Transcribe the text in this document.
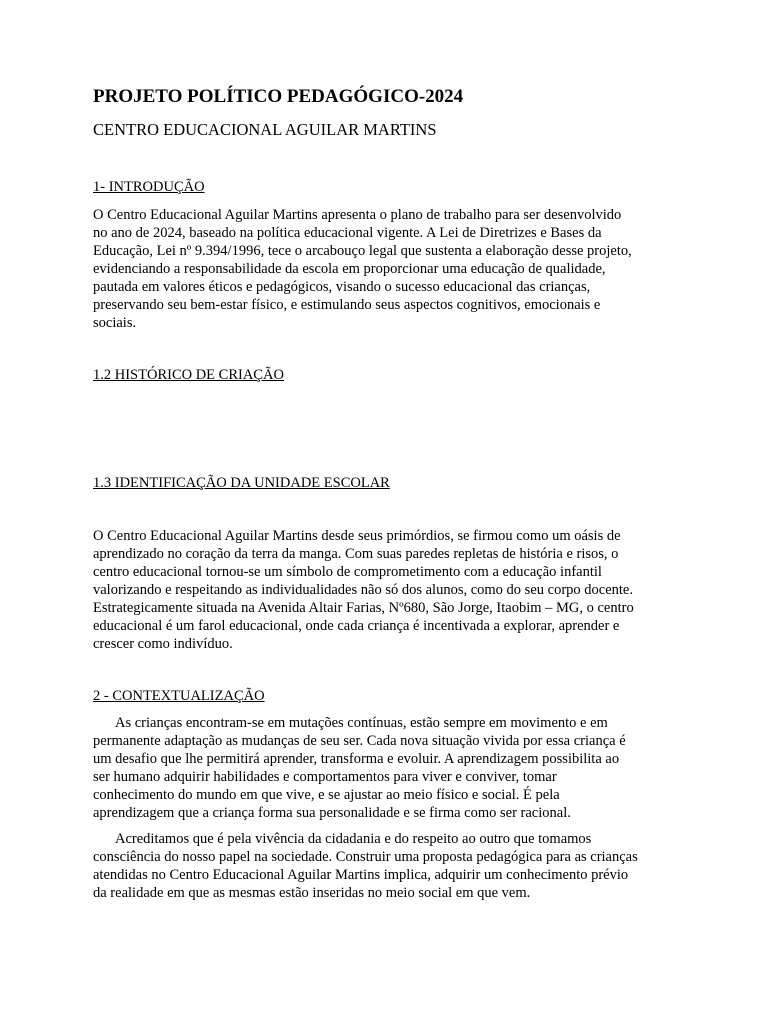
PROJETO POLÍTICO PEDAGÓGICO-2024
CENTRO EDUCACIONAL AGUILAR MARTINS
1- INTRODUÇÃO
O Centro Educacional Aguilar Martins apresenta o plano de trabalho para ser desenvolvido
no ano de 2024, baseado na política educacional vigente. A Lei de Diretrizes e Bases da
Educação, Lei nº 9.394/1996, tece o arcabouço legal que sustenta a elaboração desse projeto,
evidenciando a responsabilidade da escola em proporcionar uma educação de qualidade,
pautada em valores éticos e pedagógicos, visando o sucesso educacional das crianças,
preservando seu bem-estar físico, e estimulando seus aspectos cognitivos, emocionais e
sociais.
1.2 HISTÓRICO DE CRIAÇÃO
1.3 IDENTIFICAÇÃO DA UNIDADE ESCOLAR
O Centro Educacional Aguilar Martins desde seus primórdios, se firmou como um oásis de
aprendizado no coração da terra da manga. Com suas paredes repletas de história e risos, o
centro educacional tornou-se um símbolo de comprometimento com a educação infantil
valorizando e respeitando as individualidades não só dos alunos, como do seu corpo docente.
Estrategicamente situada na Avenida Altair Farias, Nº680, São Jorge, Itaobim – MG, o centro
educacional é um farol educacional, onde cada criança é incentivada a explorar, aprender e
crescer como indivíduo.
2 - CONTEXTUALIZAÇÃO
As crianças encontram-se em mutações contínuas, estão sempre em movimento e em
permanente adaptação as mudanças de seu ser. Cada nova situação vivida por essa criança é
um desafio que lhe permitirá aprender, transforma e evoluir. A aprendizagem possibilita ao
ser humano adquirir habilidades e comportamentos para viver e conviver, tomar
conhecimento do mundo em que vive, e se ajustar ao meio físico e social. É pela
aprendizagem que a criança forma sua personalidade e se firma como ser racional.
Acreditamos que é pela vivência da cidadania e do respeito ao outro que tomamos
consciência do nosso papel na sociedade. Construir uma proposta pedagógica para as crianças
atendidas no Centro Educacional Aguilar Martins implica, adquirir um conhecimento prévio
da realidade em que as mesmas estão inseridas no meio social em que vem.
